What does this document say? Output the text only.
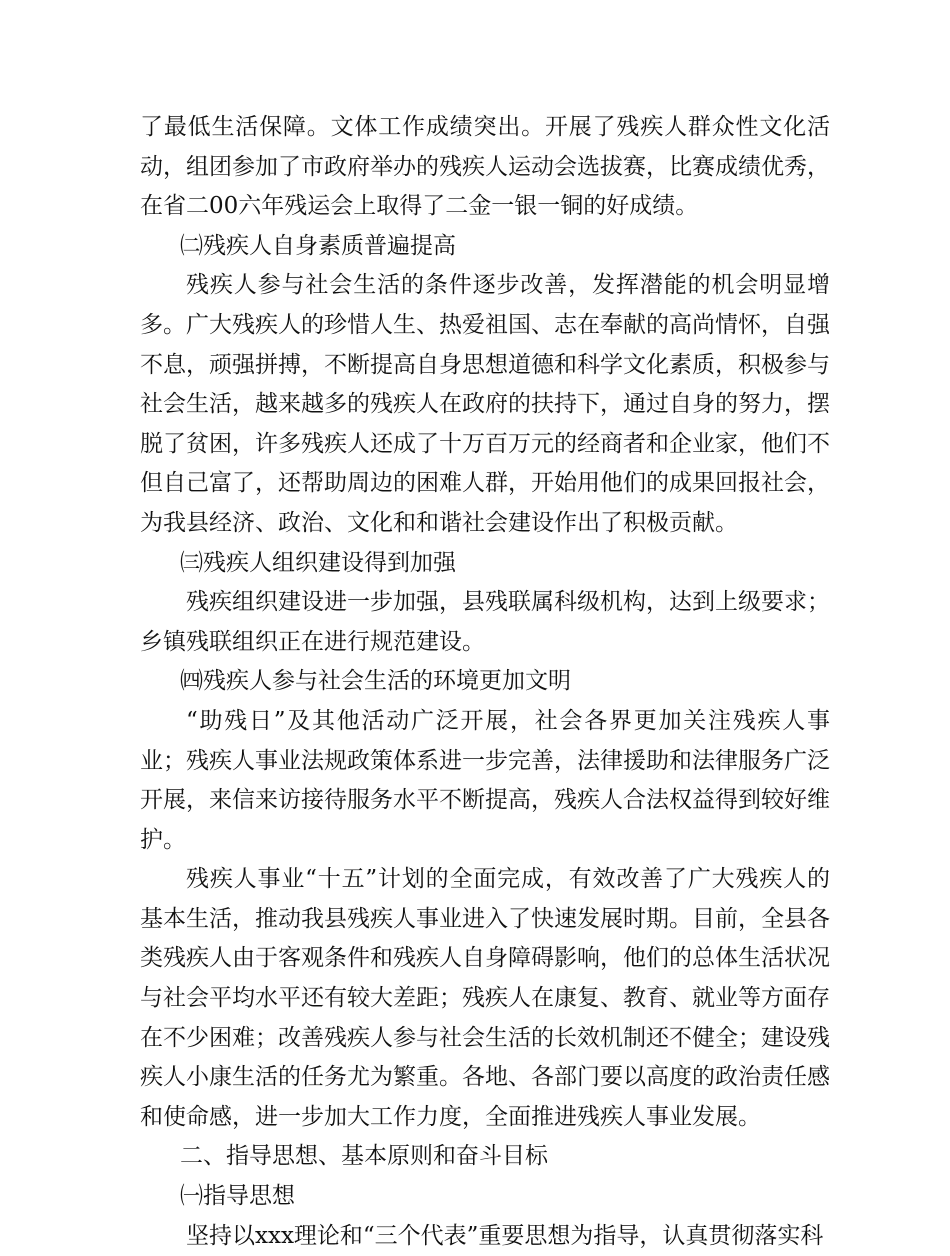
了最低生活保障。文体工作成绩突出。开展了残疾人群众性文化活动，组团参加了市政府举办的残疾人运动会选拔赛，比赛成绩优秀，在省二00六年残运会上取得了二金一银一铜的好成绩。

㈡残疾人自身素质普遍提高

残疾人参与社会生活的条件逐步改善，发挥潜能的机会明显增多。广大残疾人的珍惜人生、热爱祖国、志在奉献的高尚情怀，自强不息，顽强拼搏，不断提高自身思想道德和科学文化素质，积极参与社会生活，越来越多的残疾人在政府的扶持下，通过自身的努力，摆脱了贫困，许多残疾人还成了十万百万元的经商者和企业家，他们不但自己富了，还帮助周边的困难人群，开始用他们的成果回报社会，为我县经济、政治、文化和和谐社会建设作出了积极贡献。

㈢残疾人组织建设得到加强

残疾组织建设进一步加强，县残联属科级机构，达到上级要求；乡镇残联组织正在进行规范建设。

㈣残疾人参与社会生活的环境更加文明

“助残日”及其他活动广泛开展，社会各界更加关注残疾人事业；残疾人事业法规政策体系进一步完善，法律援助和法律服务广泛开展，来信来访接待服务水平不断提高，残疾人合法权益得到较好维护。

残疾人事业“十五”计划的全面完成，有效改善了广大残疾人的基本生活，推动我县残疾人事业进入了快速发展时期。目前，全县各类残疾人由于客观条件和残疾人自身障碍影响，他们的总体生活状况与社会平均水平还有较大差距；残疾人在康复、教育、就业等方面存在不少困难；改善残疾人参与社会生活的长效机制还不健全；建设残疾人小康生活的任务尤为繁重。各地、各部门要以高度的政治责任感和使命感，进一步加大工作力度，全面推进残疾人事业发展。

二、指导思想、基本原则和奋斗目标

㈠指导思想

坚持以xxx理论和“三个代表”重要思想为指导，认真贯彻落实科
